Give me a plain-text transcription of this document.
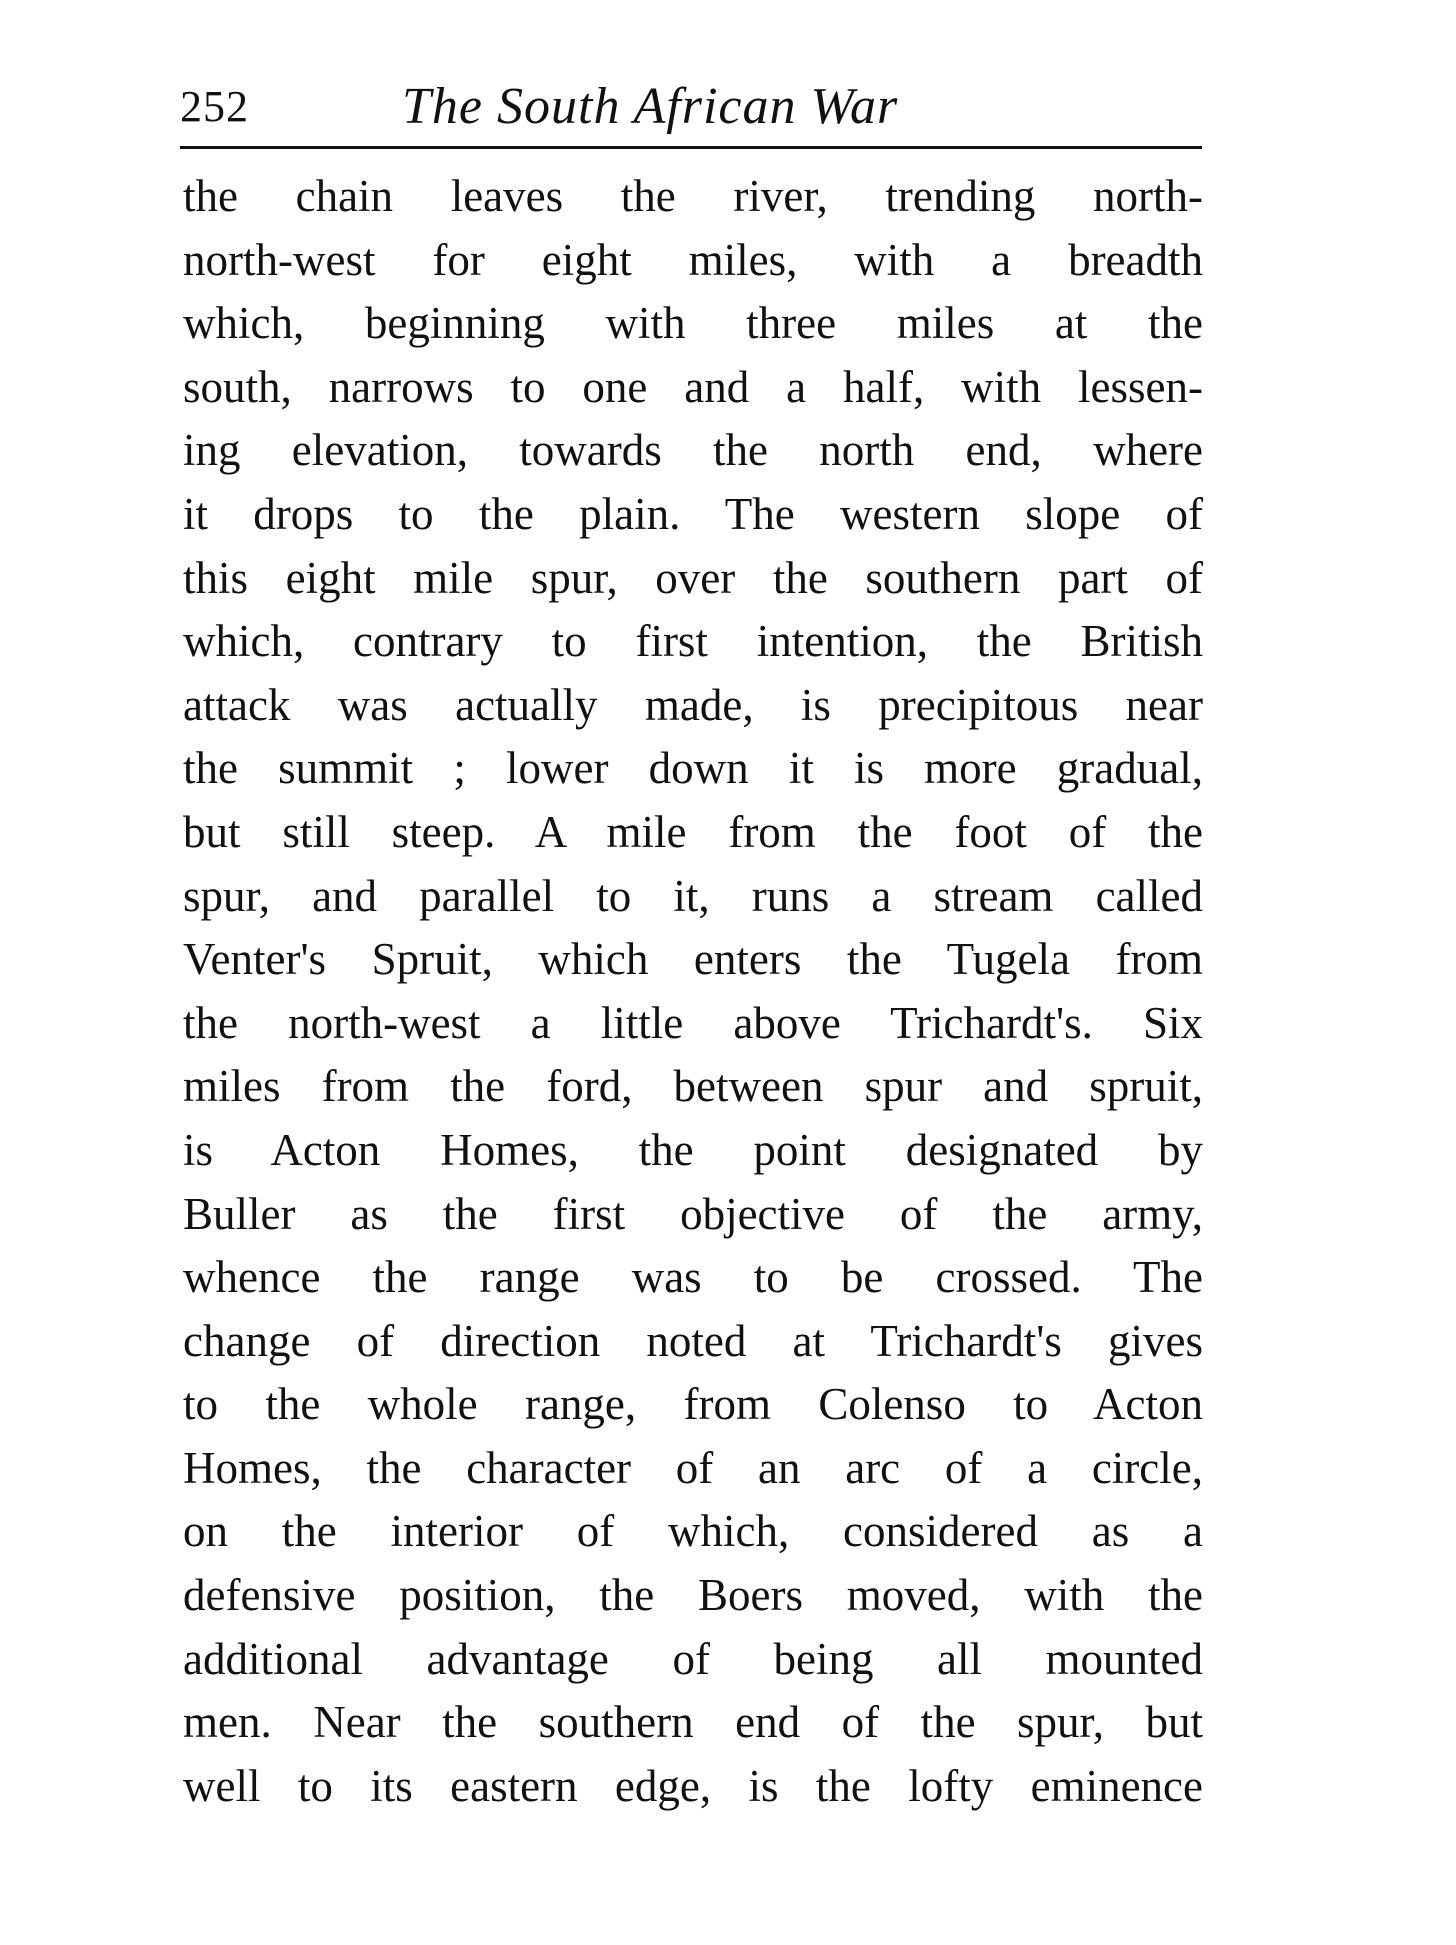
252	The South African War
the chain leaves the river, trending north-
north-west for eight miles, with a breadth
which, beginning with three miles at the
south, narrows to one and a half, with lessen-
ing elevation, towards the north end, where
it drops to the plain. The western slope of
this eight mile spur, over the southern part of
which, contrary to first intention, the British
attack was actually made, is precipitous near
the summit ; lower down it is more gradual,
but still steep. A mile from the foot of the
spur, and parallel to it, runs a stream called
Venter's Spruit, which enters the Tugela from
the north-west a little above Trichardt's. Six
miles from the ford, between spur and spruit,
is Acton Homes, the point designated by
Buller as the first objective of the army,
whence the range was to be crossed. The
change of direction noted at Trichardt's gives
to the whole range, from Colenso to Acton
Homes, the character of an arc of a circle,
on the interior of which, considered as a
defensive position, the Boers moved, with the
additional advantage of being all mounted
men. Near the southern end of the spur, but
well to its eastern edge, is the lofty eminence
